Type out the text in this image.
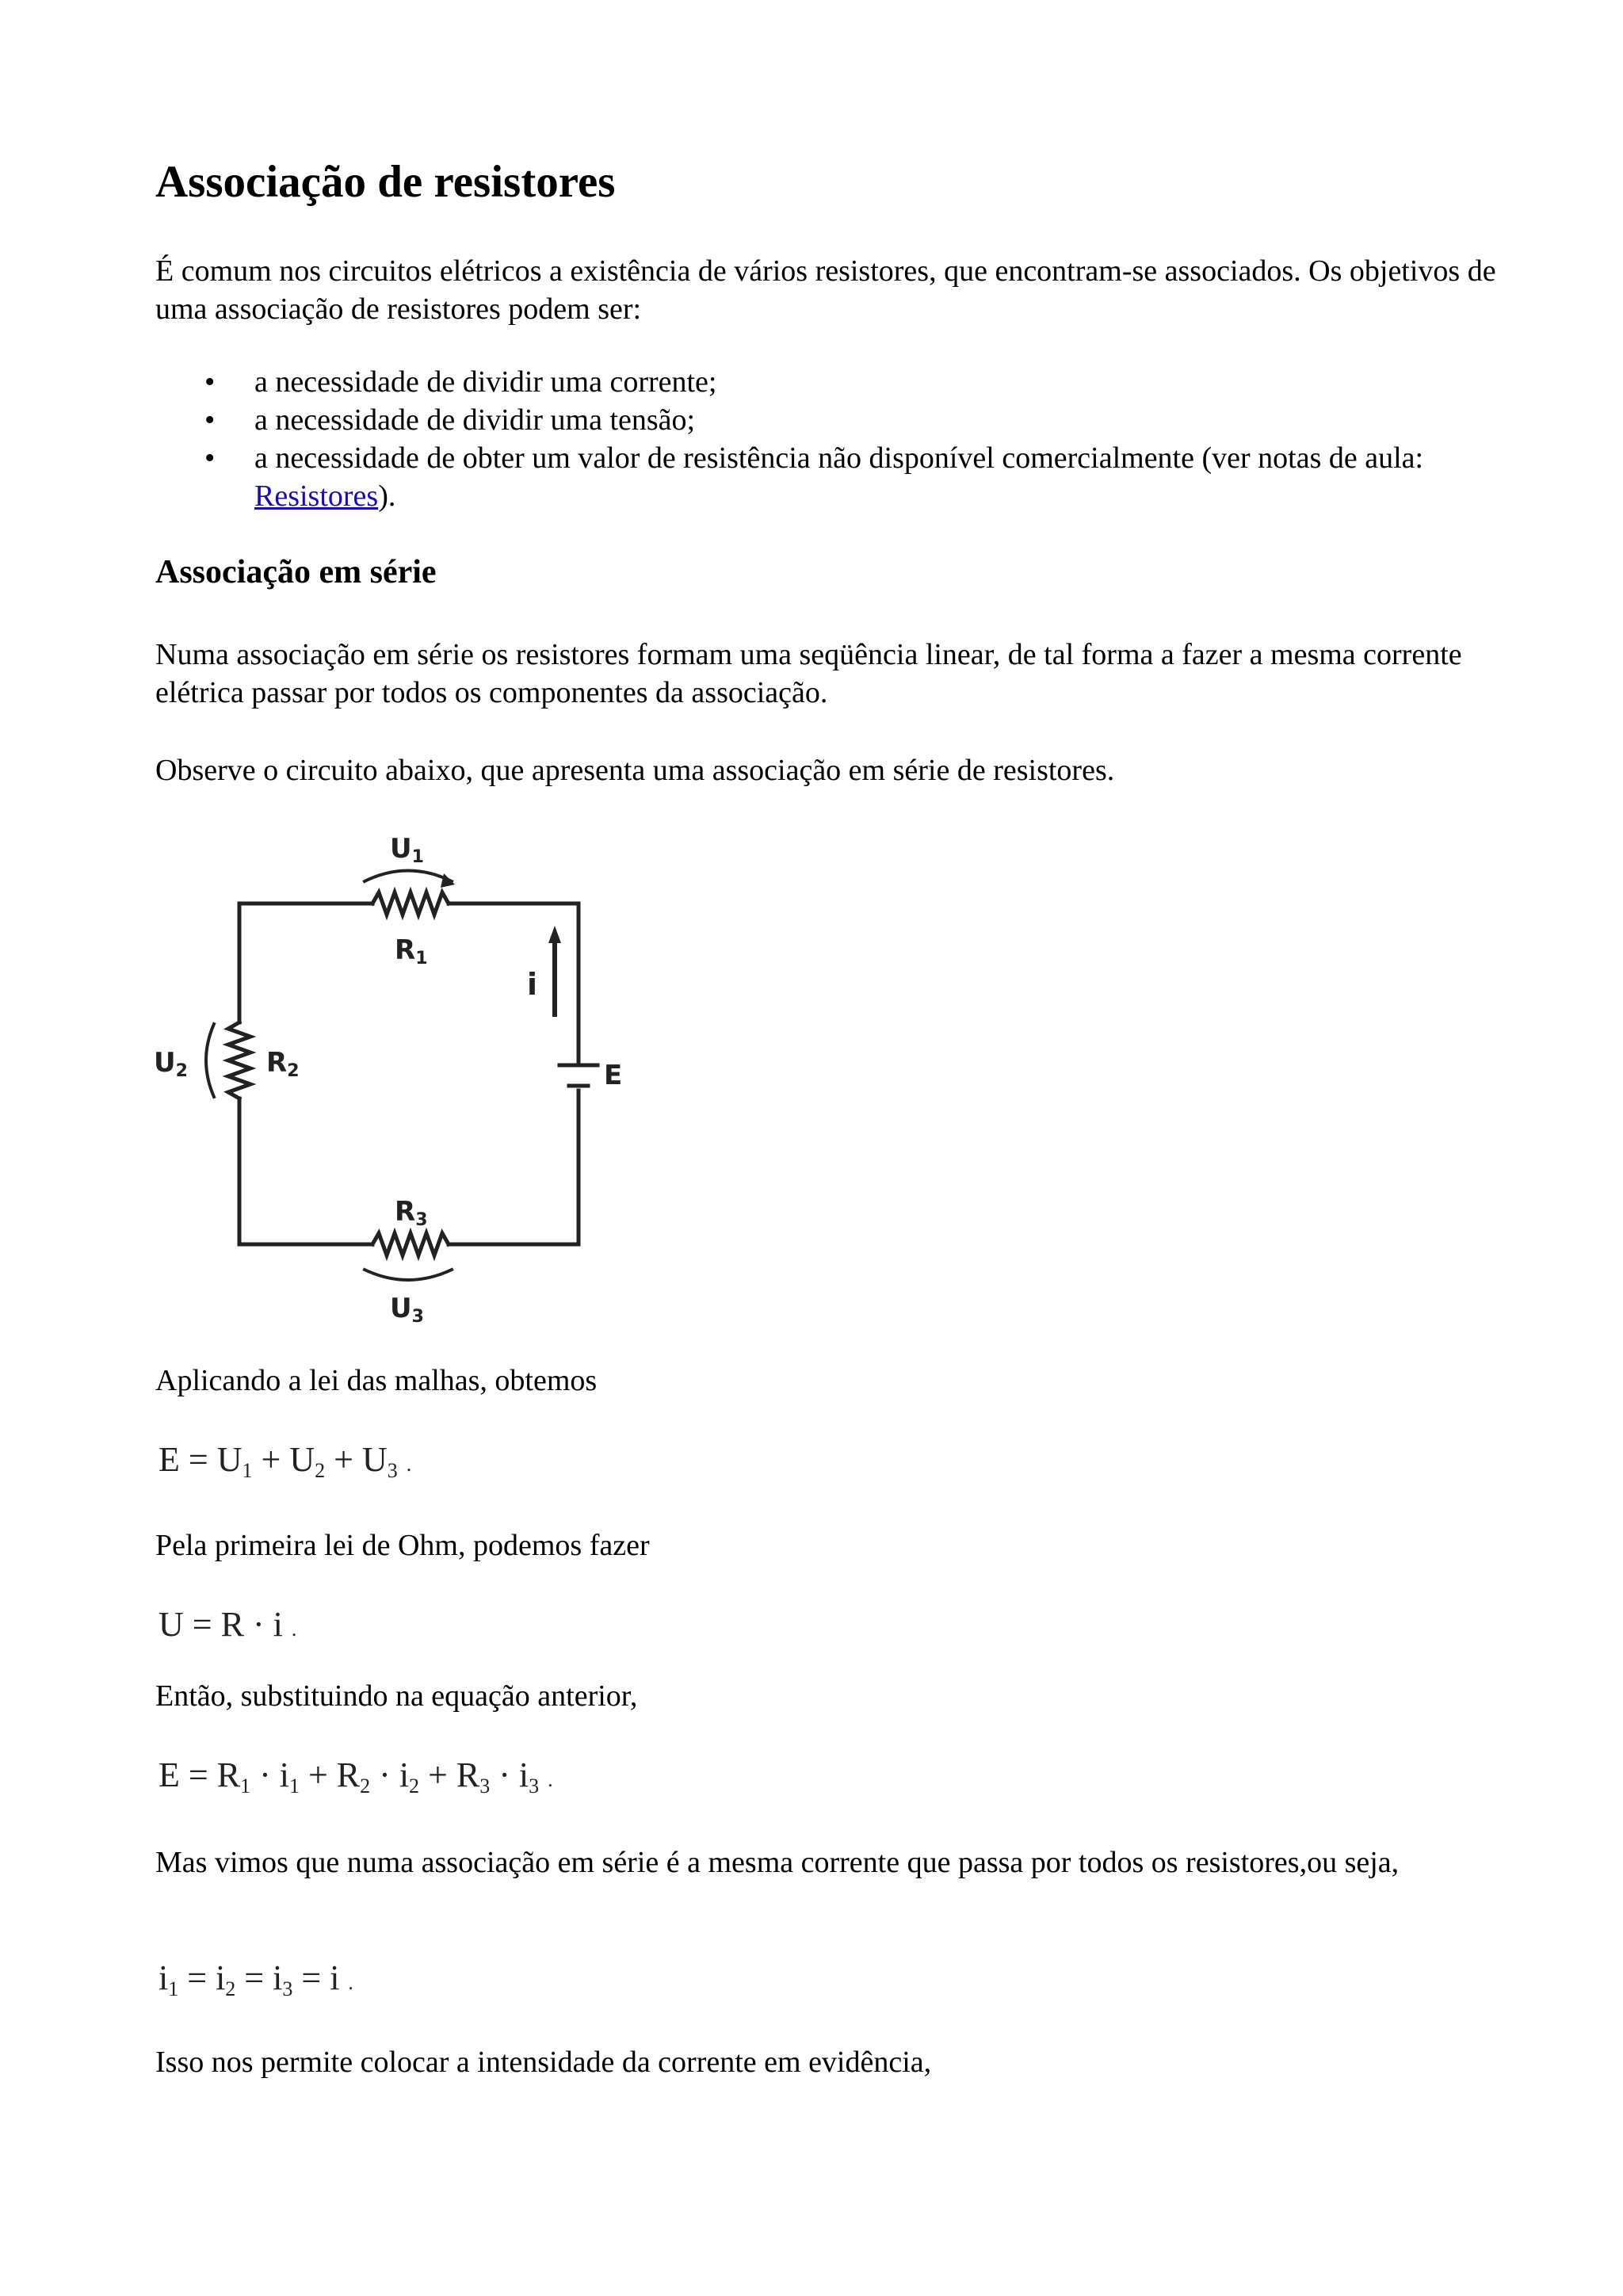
Associação de resistores

É comum nos circuitos elétricos a existência de vários resistores, que encontram-se associados. Os objetivos de uma associação de resistores podem ser:

• a necessidade de dividir uma corrente;
• a necessidade de dividir uma tensão;
• a necessidade de obter um valor de resistência não disponível comercialmente (ver notas de aula: Resistores).
Associação em série

Numa associação em série os resistores formam uma seqüência linear, de tal forma a fazer a mesma corrente elétrica passar por todos os componentes da associação.

Observe o circuito abaixo, que apresenta uma associação em série de resistores.

U1
R1
i
E
U2	R2
R3
U3

Aplicando a lei das malhas, obtemos

$E = U_1 + U_2 + U_3$ .

Pela primeira lei de Ohm, podemos fazer

U = R · i .

Então, substituindo na equação anterior,

$E = R_1 \cdot i_1 + R_2 \cdot i_2 + R_3 \cdot i_3$ .

Mas vimos que numa associação em série é a mesma corrente que passa por todos os resistores,ou seja,

$i_1 = i_2 = i_3 = i$ .

Isso nos permite colocar a intensidade da corrente em evidência,
